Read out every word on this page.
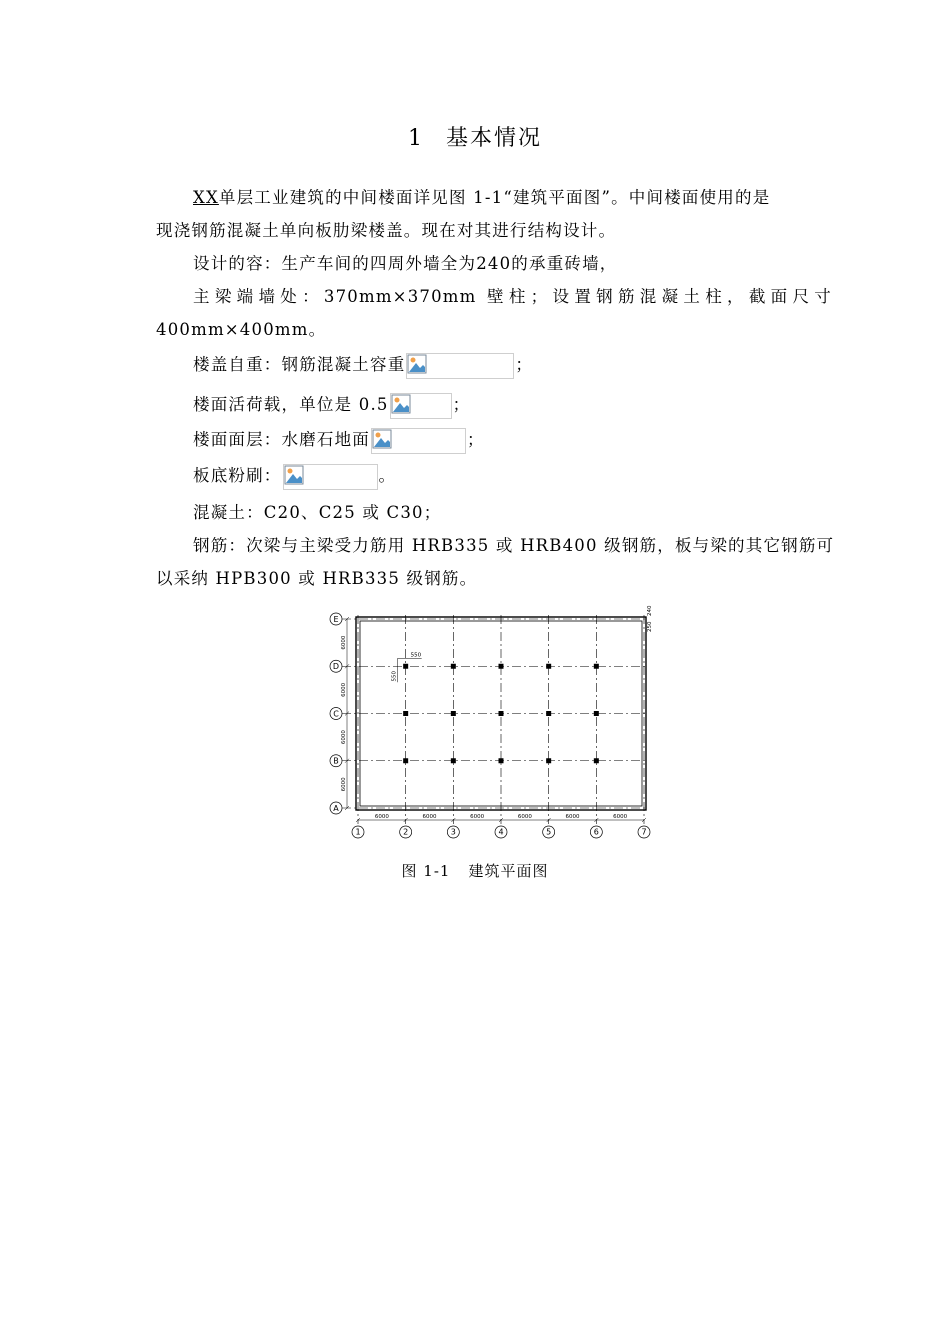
1 基本情况
XX单层工业建筑的中间楼面详见图 1-1“建筑平面图”。中间楼面使用的是
现浇钢筋混凝土单向板肋梁楼盖。现在对其进行结构设计。
设计的容：生产车间的四周外墙全为240的承重砖墙，
主梁端墙处：370mm×370mm 壁柱；设置钢筋混凝土柱，截面尺寸
400mm×400mm。
楼盖自重：钢筋混凝土容重	；
楼面活荷载，单位是 0.5	；
楼面面层：水磨石地面	；
板底粉刷：	。
混凝土：C20、C25 或 C30；
钢筋：次梁与主梁受力筋用 HRB335 或 HRB400 级钢筋，板与梁的其它钢筋可
以采纳 HPB300 或 HRB335 级钢筋。
1	2	3	4	5	6	7
E
D
C
B
A
6000	6000	6000	6000	6000	6000
6000
6000
6000
6000
240
250
550
550
图 1-1 建筑平面图
